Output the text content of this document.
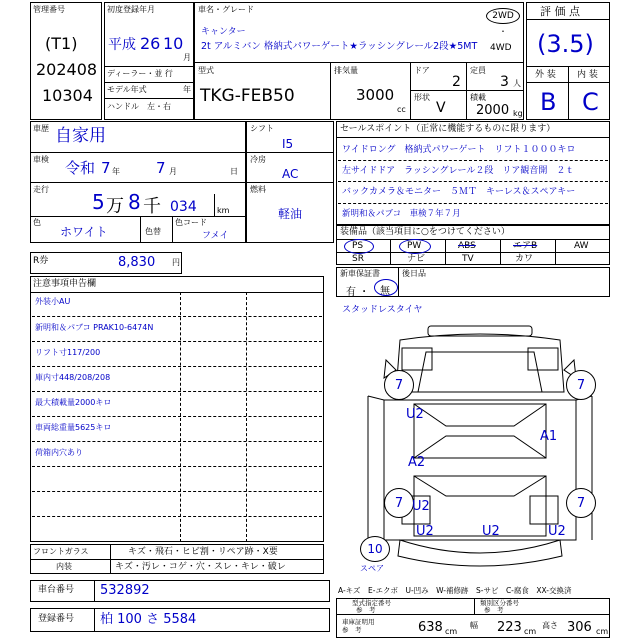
管理番号
(T1)
202408
10304
初度登録年月
平成 26 10
月
ディーラー・並 行
モデル年式	年
ハンドル　左・右
車名・グレード
キャンター
2t アルミバン 格納式パワーゲート★ラッシングレール2段★5MT
2WD
・
4WD
型式
TKG-FEB50
排気量
3000
cc
ドア
2
定員
3 人
形状
V
積載
2000 kg
評 価 点
(3.5)
外 装 内 装
B C
車歴 自家用
車検 令和 7 年 7 月	日
走行
5 万 8 千 034	km
色
ホワイト	色替
色コード
フメイ
シフト
I5
冷房
AC
燃料
軽油
セールスポイント（正常に機能するものに限ります）
ワイドロング　格納式パワーゲート　リフト１０００キロ
左サイドドア　ラッシングレール２段　リア観音開　２ｔ
バックカメラ＆モニター　５ＭＴ　キーレス＆スペアキー
新明和＆パブコ　車検７年７月
装備品（該当項目に○をつけてください）
PS	PW	ABS	エアB	AW
SR	ナビ	TV	カワ
R券	8,830 円
新車保証書	後日品
有 ・ 無
注意事項申告欄
外装小AU
新明和＆パブコ PRAK10-6474N
リフト寸117/200
庫内寸448/208/208
最大積載量2000キロ
車両総重量5625キロ
荷箱内穴あり
スタッドレスタイヤ
7	7
7	7
U2
U2
A1
A2
U2	U2	U2
10
スペア
フロントガラス	キズ・飛石・ヒビ割・リペア跡・X要
内装	キズ・汚レ・コゲ・穴・スレ・キレ・破レ
A-キズ　E-エクボ　U-凹み　W-補修跡　S-サビ　C-腐食　XX-交換済
車台番号 532892
登録番号 柏 100 さ 5584
型式指定番号
参　考
類別区分番号
参　考
車庫証明用
参　考	638 cm
幅 223 cm
高さ 306 cm
